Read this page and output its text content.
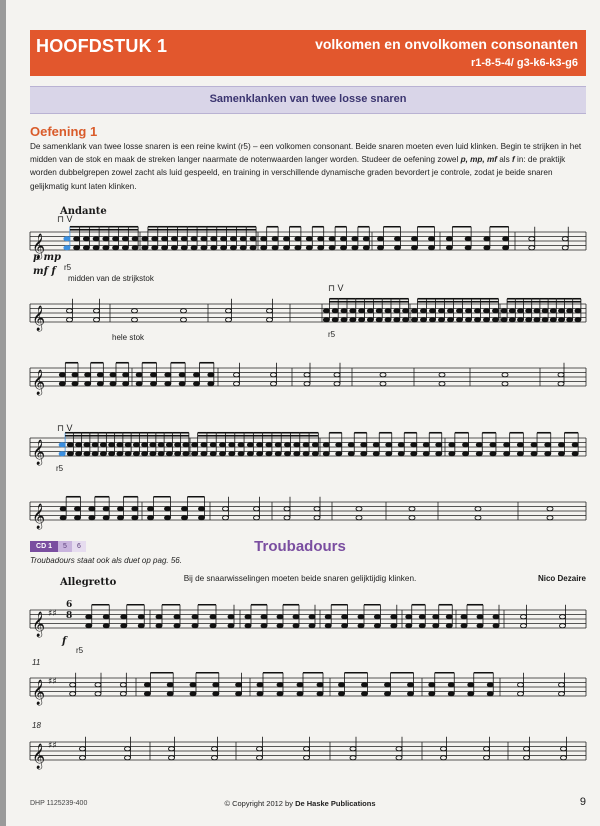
HOOFDSTUK 1	volkomen en onvolkomen consonanten
r1-8-5-4/ g3-k6-k3-g6
Samenklanken van twee losse snaren
Oefening 1
De samenklank van twee losse snaren is een reine kwint (r5) – een volkomen consonant. Beide snaren moeten even luid klinken. Begin te strijken in het midden van de stok en maak de streken langer naarmate de notenwaarden langer worden. Studeer de oefening zowel p, mp, mf als f in: de praktijk worden dubbelgrepen zowel zacht als luid gespeeld, en training in verschillende dynamische graden bevordert je controle, zodat je beide snaren gelijkmatig kunt laten klinken.
Andante
⊓ V
p mp
mf f r5
midden van de strijkstok
hele stok
⊓ V
r5
⊓ V
r5
𝄞
𝄞
𝄞
𝄞
𝄞
CD 1	5	6	Troubadours
Troubadours staat ook als duet op pag. 56.
Bij de snaarwisselingen moeten beide snaren gelijktijdig klinken.	Nico Dezaire
Allegretto
6
8
f
r5
11
18
𝄞 ♯♯
𝄞 ♯♯
𝄞 ♯♯
DHP 1125239-400	© Copyright 2012 by De Haske Publications	9
